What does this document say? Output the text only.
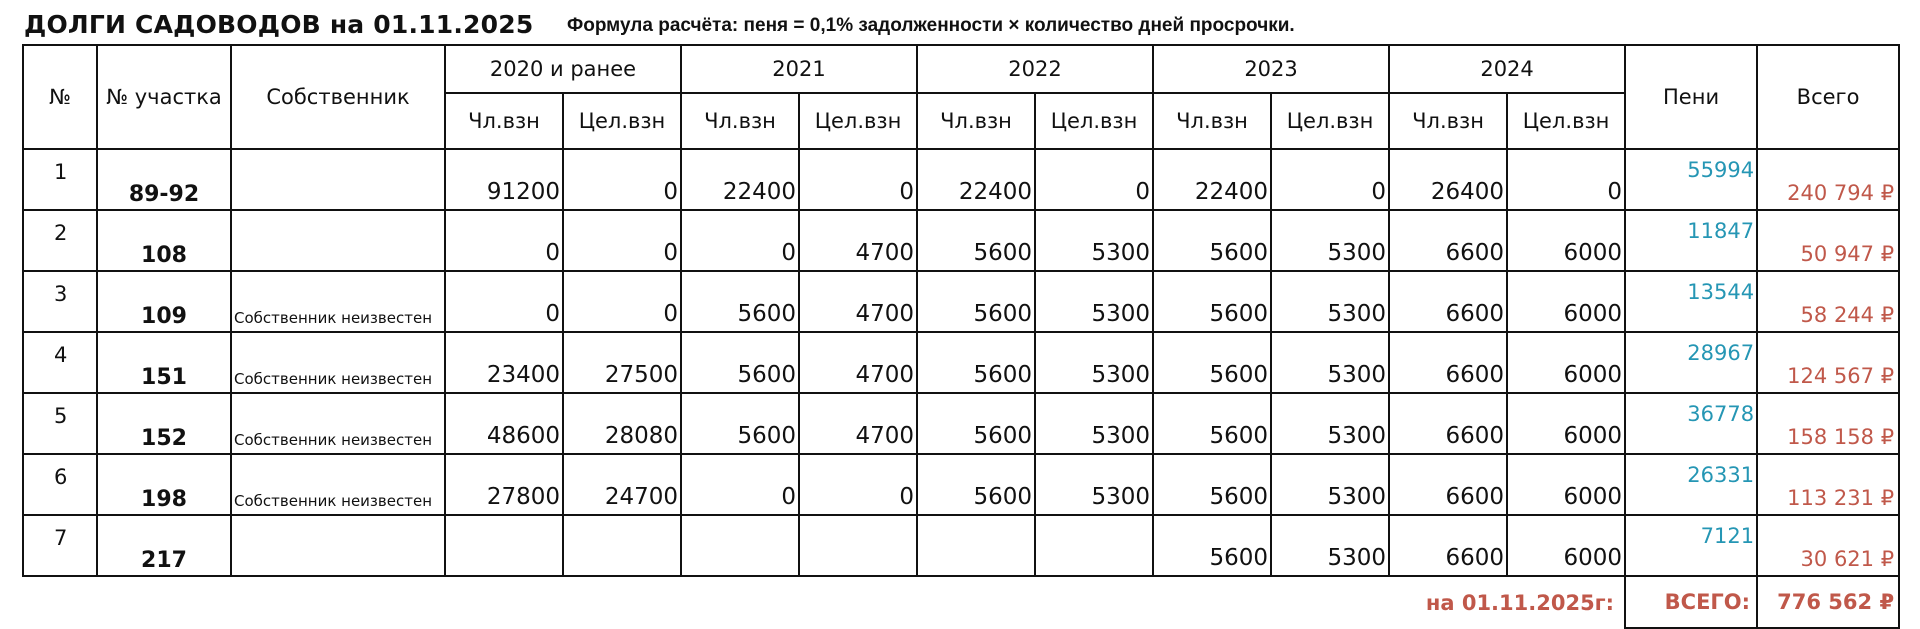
ДОЛГИ САДОВОДОВ на 01.11.2025 Формула расчёта: пеня = 0,1% задолженности × количество дней просрочки.
№	№ участка	Собственник	2020 и ранее		2021		2022		2023		2024		Пени	Всего
			Чл.взн	Цел.взн	Чл.взн	Цел.взн	Чл.взн	Цел.взн	Чл.взн	Цел.взн	Чл.взн	Цел.взн		
1	89-92		91200	0	22400	0	22400	0	22400	0	26400	0	55994	240 794 ₽
2	108		0	0	0	4700	5600	5300	5600	5300	6600	6000	11847	50 947 ₽
3	109	Собственник неизвестен	0	0	5600	4700	5600	5300	5600	5300	6600	6000	13544	58 244 ₽
4	151	Собственник неизвестен	23400	27500	5600	4700	5600	5300	5600	5300	6600	6000	28967	124 567 ₽
5	152	Собственник неизвестен	48600	28080	5600	4700	5600	5300	5600	5300	6600	6000	36778	158 158 ₽
6	198	Собственник неизвестен	27800	24700	0	0	5600	5300	5600	5300	6600	6000	26331	113 231 ₽
7	217								5600	5300	6600	6000	7121	30 621 ₽
на 01.11.2025г:													ВСЕГО:	776 562 ₽
